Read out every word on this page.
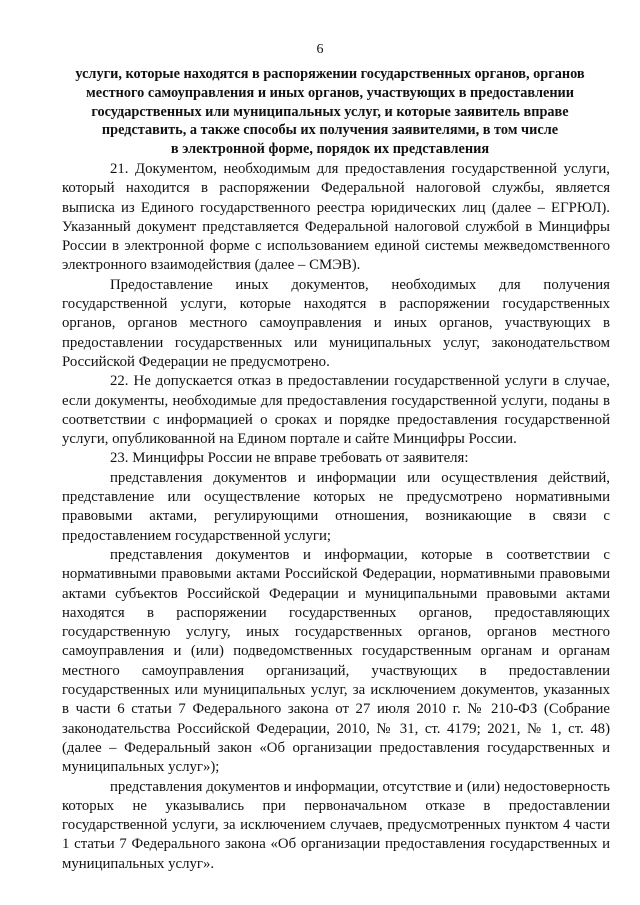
6
услуги, которые находятся в распоряжении государственных органов, органов
местного самоуправления и иных органов, участвующих в предоставлении
государственных или муниципальных услуг, и которые заявитель вправе
представить, а также способы их получения заявителями, в том числе
в электронной форме, порядок их представления

21. Документом, необходимым для предоставления государственной услуги, который находится в распоряжении Федеральной налоговой службы, является выписка из Единого государственного реестра юридических лиц (далее – ЕГРЮЛ). Указанный документ представляется Федеральной налоговой службой в Минцифры России в электронной форме с использованием единой системы межведомственного электронного взаимодействия (далее – СМЭВ).

Предоставление иных документов, необходимых для получения государственной услуги, которые находятся в распоряжении государственных органов, органов местного самоуправления и иных органов, участвующих в предоставлении государственных или муниципальных услуг, законодательством Российской Федерации не предусмотрено.

22. Не допускается отказ в предоставлении государственной услуги в случае, если документы, необходимые для предоставления государственной услуги, поданы в соответствии с информацией о сроках и порядке предоставления государственной услуги, опубликованной на Едином портале и сайте Минцифры России.

23. Минцифры России не вправе требовать от заявителя:

представления документов и информации или осуществления действий, представление или осуществление которых не предусмотрено нормативными правовыми актами, регулирующими отношения, возникающие в связи с предоставлением государственной услуги;

представления документов и информации, которые в соответствии с нормативными правовыми актами Российской Федерации, нормативными правовыми актами субъектов Российской Федерации и муниципальными правовыми актами находятся в распоряжении государственных органов, предоставляющих государственную услугу, иных государственных органов, органов местного самоуправления и (или) подведомственных государственным органам и органам местного самоуправления организаций, участвующих в предоставлении государственных или муниципальных услуг, за исключением документов, указанных в части 6 статьи 7 Федерального закона от 27 июля 2010 г. № 210-ФЗ (Собрание законодательства Российской Федерации, 2010, № 31, ст. 4179; 2021, № 1, ст. 48) (далее – Федеральный закон «Об организации предоставления государственных и муниципальных услуг»);

представления документов и информации, отсутствие и (или) недостоверность которых не указывались при первоначальном отказе в предоставлении государственной услуги, за исключением случаев, предусмотренных пунктом 4 части 1 статьи 7 Федерального закона «Об организации предоставления государственных и муниципальных услуг».
